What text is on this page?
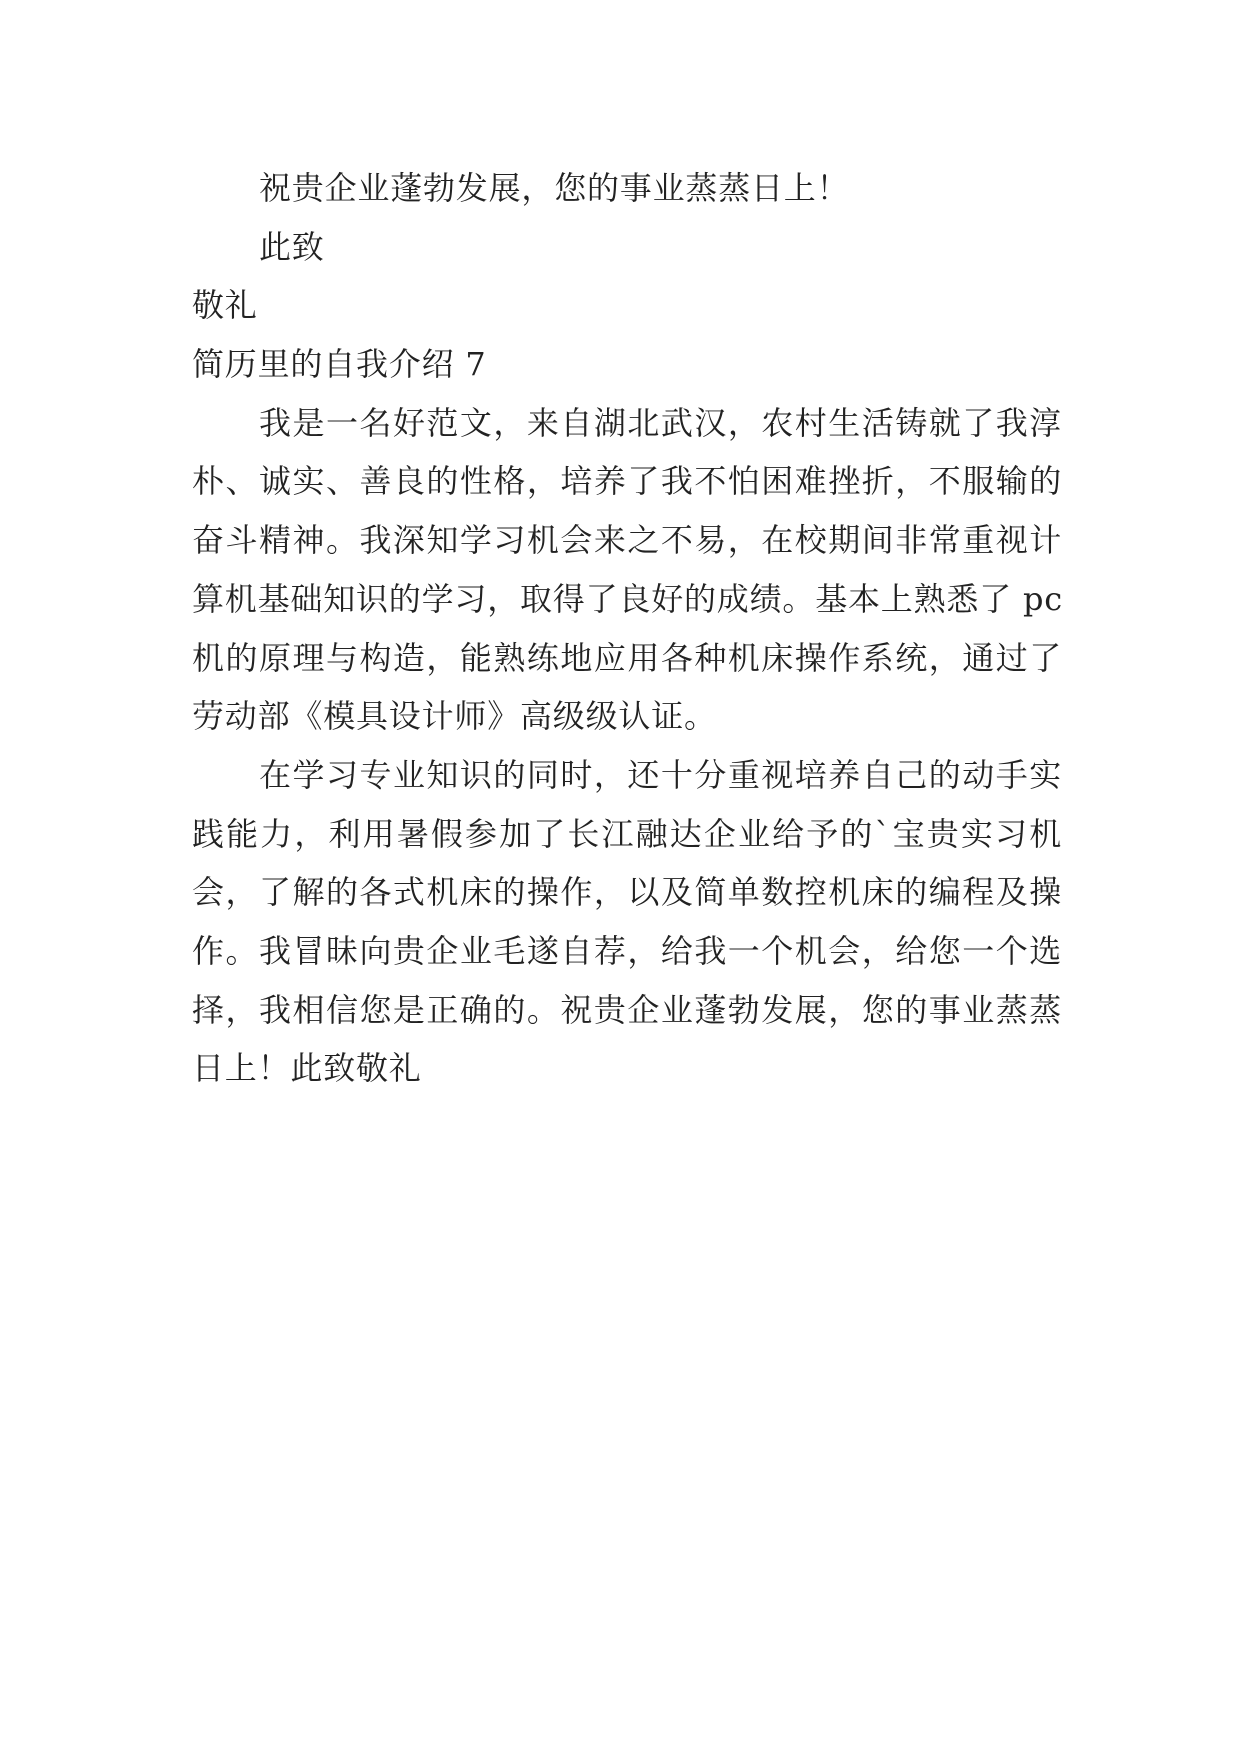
祝贵企业蓬勃发展，您的事业蒸蒸日上！
此致
敬礼
简历里的自我介绍 7
我是一名好范文，来自湖北武汉，农村生活铸就了我淳
朴、诚实、善良的性格，培养了我不怕困难挫折，不服输的
奋斗精神。我深知学习机会来之不易，在校期间非常重视计
算机基础知识的学习，取得了良好的成绩。基本上熟悉了 pc
机的原理与构造，能熟练地应用各种机床操作系统，通过了
劳动部《模具设计师》高级级认证。
在学习专业知识的同时，还十分重视培养自己的动手实
践能力，利用暑假参加了长江融达企业给予的`宝贵实习机
会，了解的各式机床的操作，以及简单数控机床的编程及操
作。我冒昧向贵企业毛遂自荐，给我一个机会，给您一个选
择，我相信您是正确的。祝贵企业蓬勃发展，您的事业蒸蒸
日上！此致敬礼
